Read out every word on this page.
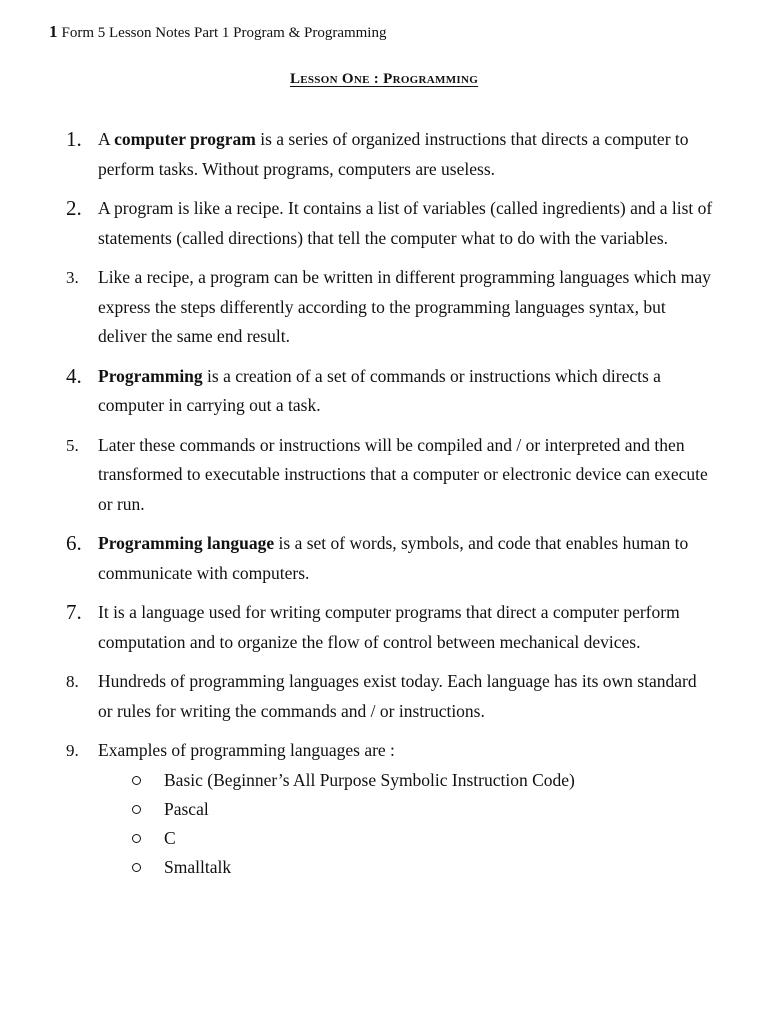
1 Form 5 Lesson Notes Part 1 Program & Programming
Lesson One : Programming
1. A computer program is a series of organized instructions that directs a computer to perform tasks. Without programs, computers are useless.
2. A program is like a recipe. It contains a list of variables (called ingredients) and a list of statements (called directions) that tell the computer what to do with the variables.
3. Like a recipe, a program can be written in different programming languages which may express the steps differently according to the programming languages syntax, but deliver the same end result.
4. Programming is a creation of a set of commands or instructions which directs a computer in carrying out a task.
5. Later these commands or instructions will be compiled and / or interpreted and then transformed to executable instructions that a computer or electronic device can execute or run.
6. Programming language is a set of words, symbols, and code that enables human to communicate with computers.
7. It is a language used for writing computer programs that direct a computer perform computation and to organize the flow of control between mechanical devices.
8. Hundreds of programming languages exist today. Each language has its own standard or rules for writing the commands and / or instructions.
9. Examples of programming languages are :
Basic (Beginner’s All Purpose Symbolic Instruction Code)
Pascal
C
Smalltalk
